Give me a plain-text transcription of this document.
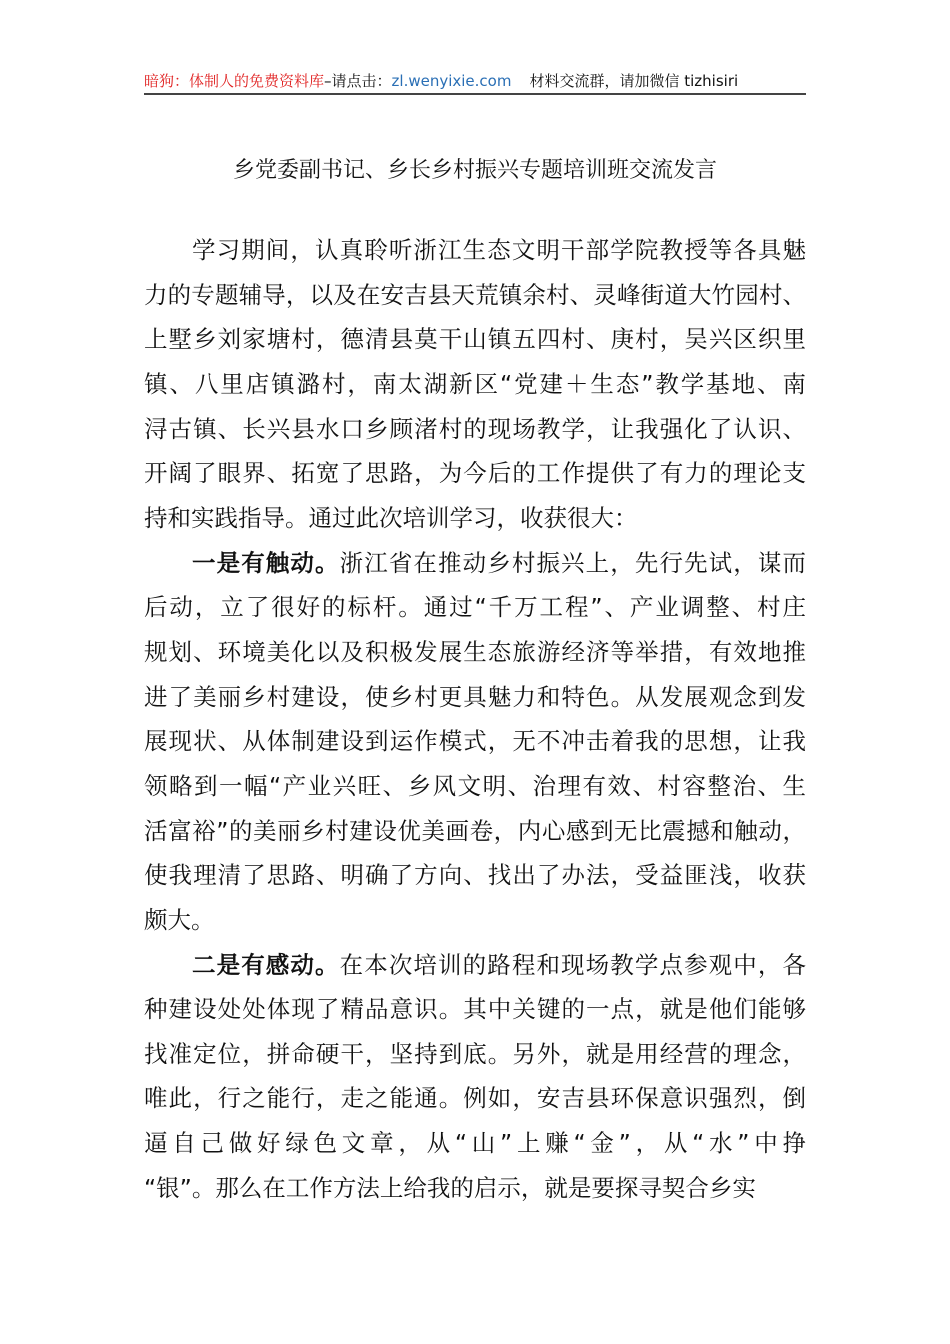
暗狗：体制人的免费资料库–请点击：zl.wenyixie.com 材料交流群，请加微信 tizhisiri
乡党委副书记、乡长乡村振兴专题培训班交流发言
学习期间，认真聆听浙江生态文明干部学院教授等各具魅
力的专题辅导，以及在安吉县天荒镇余村、灵峰街道大竹园村、
上墅乡刘家塘村，德清县莫干山镇五四村、庚村，吴兴区织里
镇、八里店镇潞村，南太湖新区“党建＋生态”教学基地、南
浔古镇、长兴县水口乡顾渚村的现场教学，让我强化了认识、
开阔了眼界、拓宽了思路，为今后的工作提供了有力的理论支
持和实践指导。通过此次培训学习，收获很大：
一是有触动。浙江省在推动乡村振兴上，先行先试，谋而
后动，立了很好的标杆。通过“千万工程”、产业调整、村庄
规划、环境美化以及积极发展生态旅游经济等举措，有效地推
进了美丽乡村建设，使乡村更具魅力和特色。从发展观念到发
展现状、从体制建设到运作模式，无不冲击着我的思想，让我
领略到一幅“产业兴旺、乡风文明、治理有效、村容整治、生
活富裕”的美丽乡村建设优美画卷，内心感到无比震撼和触动，
使我理清了思路、明确了方向、找出了办法，受益匪浅，收获
颇大。
二是有感动。在本次培训的路程和现场教学点参观中，各
种建设处处体现了精品意识。其中关键的一点，就是他们能够
找准定位，拼命硬干，坚持到底。另外，就是用经营的理念，
唯此，行之能行，走之能通。例如，安吉县环保意识强烈，倒
逼自己做好绿色文章，从“山”上赚“金”，从“水”中挣
“银”。那么在工作方法上给我的启示，就是要探寻契合乡实
